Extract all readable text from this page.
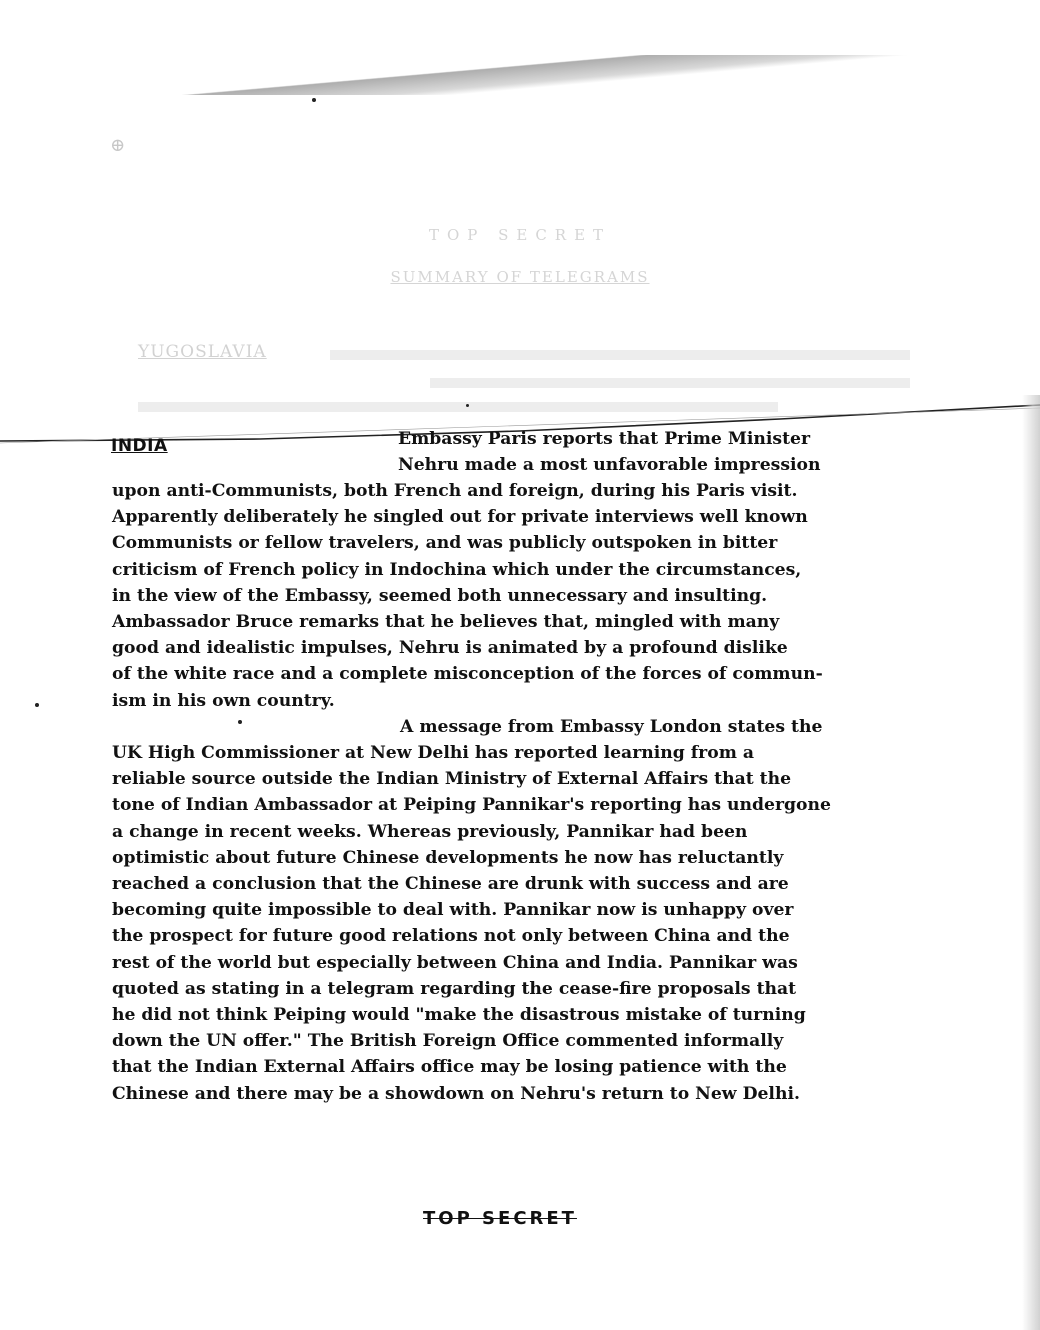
⊕
TOP SECRET
SUMMARY OF TELEGRAMS
YUGOSLAVIA
INDIA	Embassy Paris reports that Prime Minister
Nehru made a most unfavorable impression
upon anti-Communists, both French and foreign, during his Paris visit.
Apparently deliberately he singled out for private interviews well known
Communists or fellow travelers, and was publicly outspoken in bitter
criticism of French policy in Indochina which under the circumstances,
in the view of the Embassy, seemed both unnecessary and insulting.
Ambassador Bruce remarks that he believes that, mingled with many
good and idealistic impulses, Nehru is animated by a profound dislike
of the white race and a complete misconception of the forces of commun-
ism in his own country.
A message from Embassy London states the
UK High Commissioner at New Delhi has reported learning from a
reliable source outside the Indian Ministry of External Affairs that the
tone of Indian Ambassador at Peiping Pannikar's reporting has undergone
a change in recent weeks. Whereas previously, Pannikar had been
optimistic about future Chinese developments he now has reluctantly
reached a conclusion that the Chinese are drunk with success and are
becoming quite impossible to deal with. Pannikar now is unhappy over
the prospect for future good relations not only between China and the
rest of the world but especially between China and India. Pannikar was
quoted as stating in a telegram regarding the cease-fire proposals that
he did not think Peiping would "make the disastrous mistake of turning
down the UN offer." The British Foreign Office commented informally
that the Indian External Affairs office may be losing patience with the
Chinese and there may be a showdown on Nehru's return to New Delhi.
TOP SECRET
